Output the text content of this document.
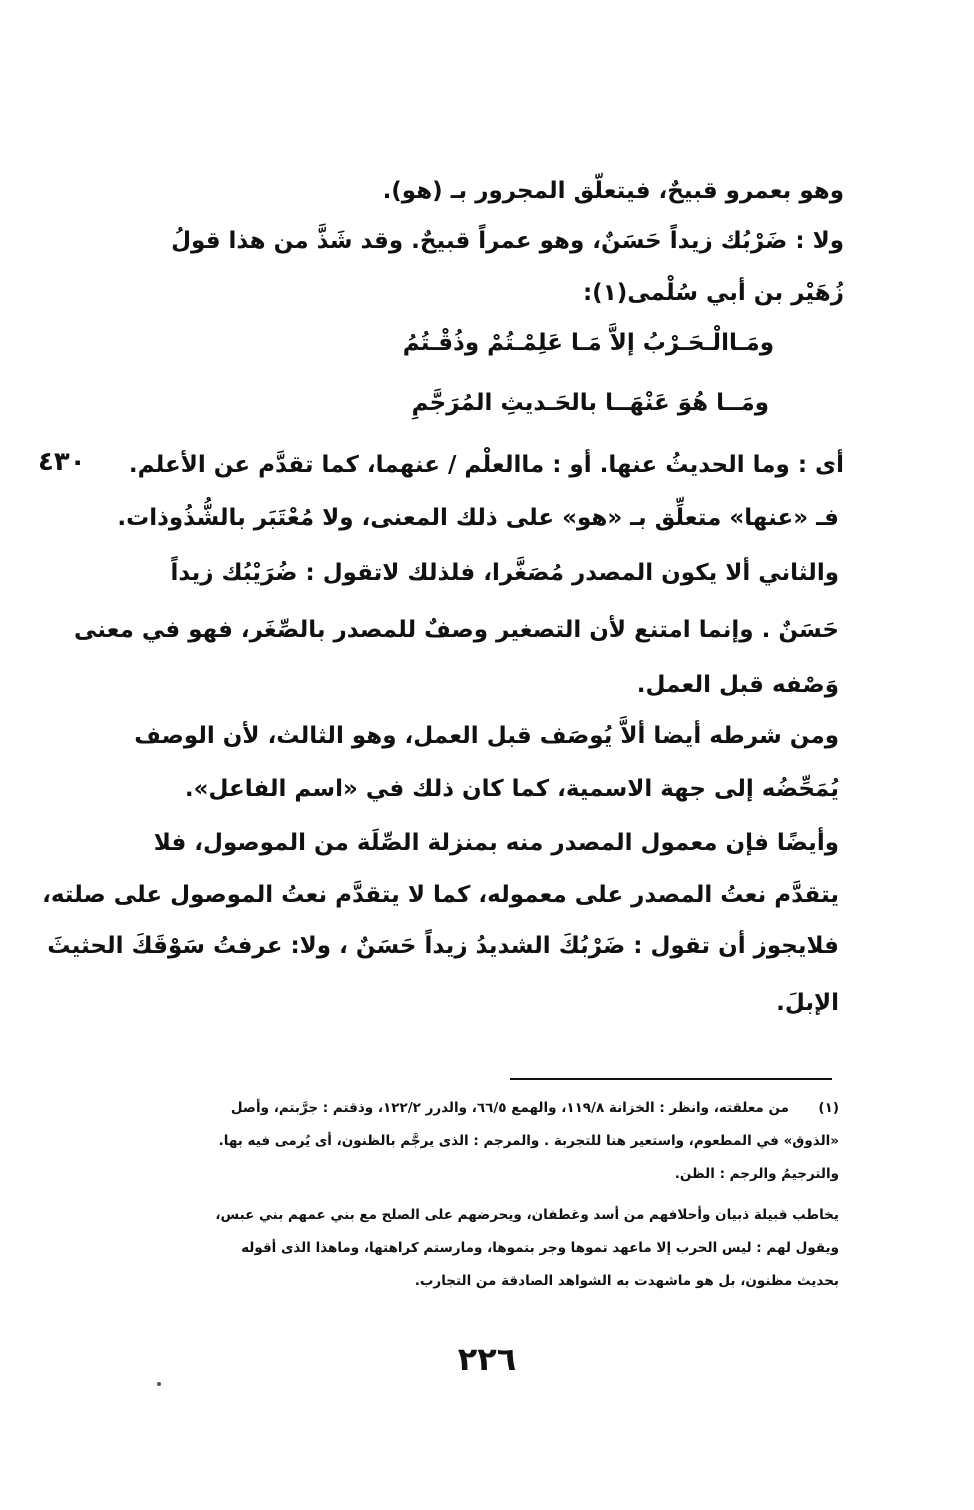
وهو بعمرو قبيحٌ، فيتعلّق المجرور بـ (هو).
ولا : ضَرْبُك زيداً حَسَنٌ، وهو عمراً قبيحٌ. وقد شَذَّ من هذا قولُ
زُهَيْر بن أبي سُلْمى(١):
ومَـاالْـحَـرْبُ إلاَّ مَـا عَلِمْـتُمْ وذُقْـتُمُ
ومَــا هُوَ عَنْهَــا بالحَـديثِ المُرَجَّمِ
٤٣٠ أى : وما الحديثُ عنها. أو : ماالعلْم / عنهما، كما تقدَّم عن الأعلم.
فـ «عنها» متعلِّق بـ «هو» على ذلك المعنى، ولا مُعْتَبَر بالشُّذُوذات.
والثاني ألا يكون المصدر مُصَغَّرا، فلذلك لاتقول : ضُرَيْبُك زيداً
حَسَنٌ . وإنما امتنع لأن التصغير وصفٌ للمصدر بالصِّغَر، فهو في معنى
وَصْفه قبل العمل.
ومن شرطه أيضا ألاَّ يُوصَف قبل العمل، وهو الثالث، لأن الوصف
يُمَحِّضُه إلى جهة الاسمية، كما كان ذلك في «اسم الفاعل».
وأيضًا فإن معمول المصدر منه بمنزلة الصِّلَة من الموصول، فلا
يتقدَّم نعتُ المصدر على معموله، كما لا يتقدَّم نعتُ الموصول على صلته،
فلايجوز أن تقول : ضَرْبُكَ الشديدُ زيداً حَسَنٌ ، ولا: عرفتُ سَوْقَكَ الحثيثَ
الإبلَ.
(١)
من معلقته، وانظر : الخزانة ١١٩/٨، والهمع ٦٦/٥، والدرر ١٢٢/٢، وذقتم : جرَّبتم، وأصل
«الذوق» في المطعوم، واستعير هنا للتجربة . والمرجم : الذى يرجَّم بالظنون، أى يُرمى فيه بها.
والترجيمُ والرجم : الظن.
يخاطب قبيلة ذبيان وأحلافهم من أسد وغطفان، ويحرضهم على الصلح مع بني عمهم بني عبس،
ويقول لهم : ليس الحرب إلا ماعهد تموها وجر بتموها، ومارستم كراهتها، وماهذا الذى أقوله
بحديث مظنون، بل هو ماشهدت به الشواهد الصادقة من التجارب.
٢٢٦
